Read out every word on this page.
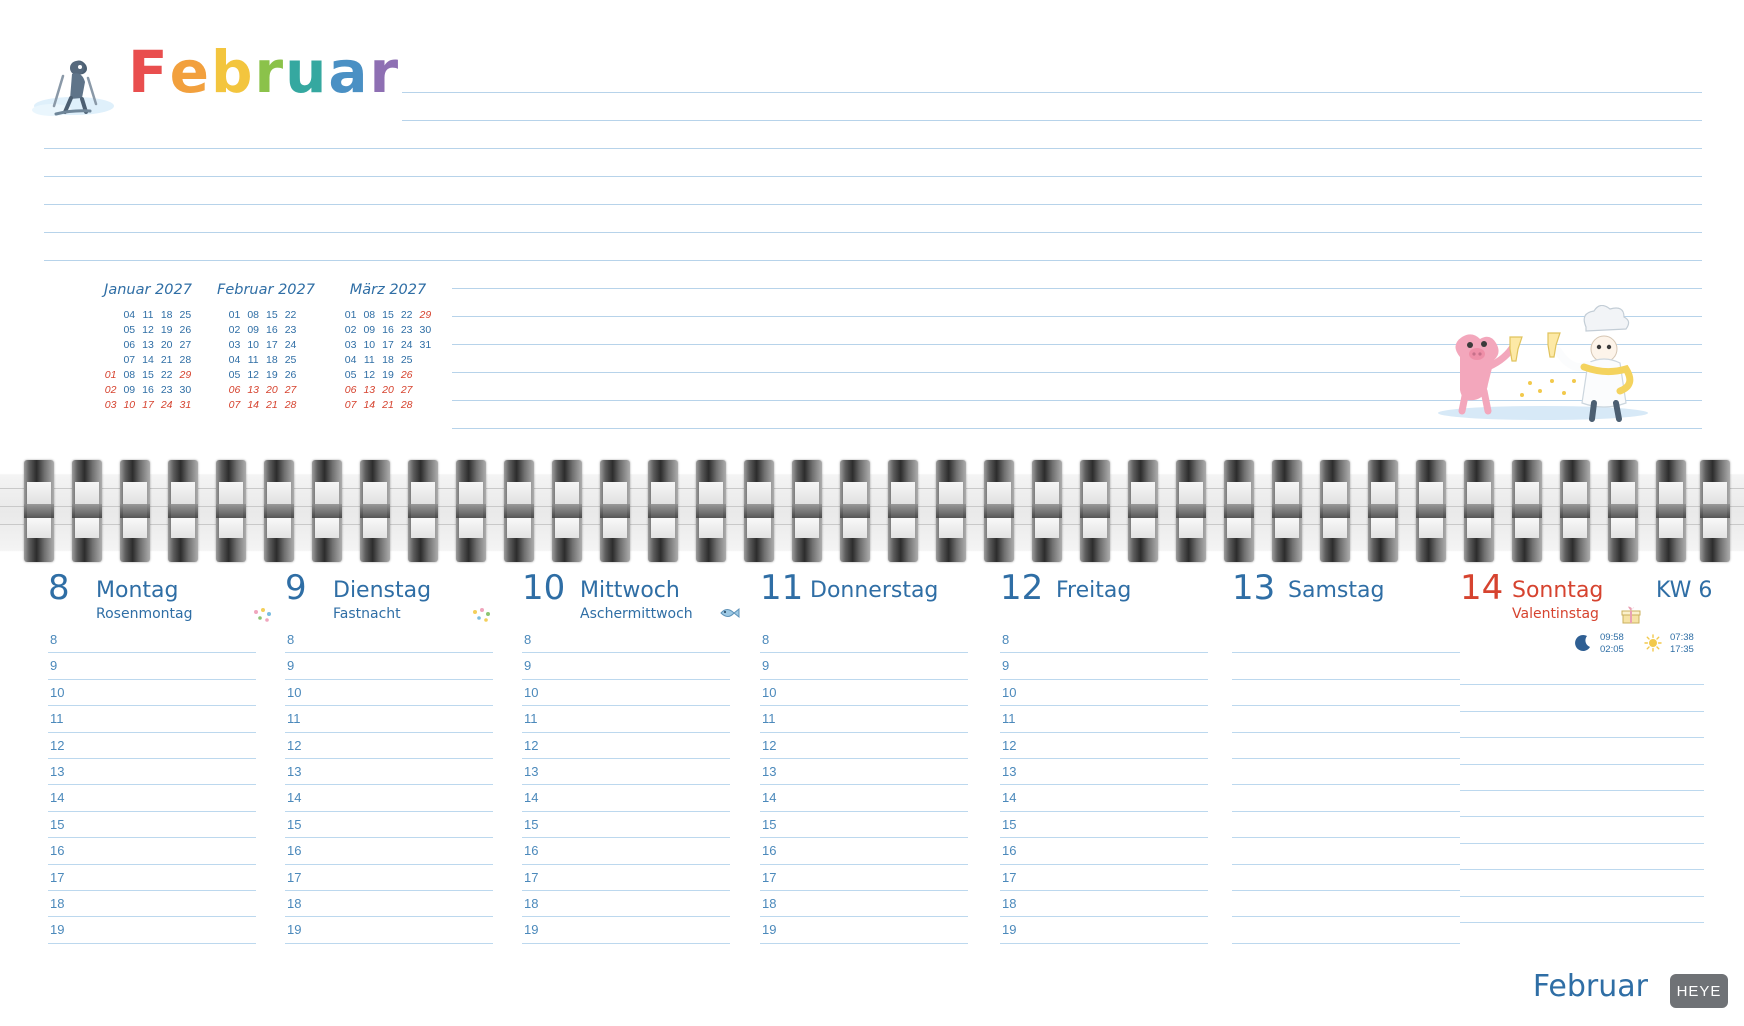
Februar
Januar 2027
	04	11	18	25
	05	12	19	26
	06	13	20	27
	07	14	21	28
01	08	15	22	29
02	09	16	23	30
03	10	17	24	31
Februar 2027
01	08	15	22	
02	09	16	23	
03	10	17	24	
04	11	18	25	
05	12	19	26	
06	13	20	27	
07	14	21	28	
März 2027
01	08	15	22	29
02	09	16	23	30
03	10	17	24	31
04	11	18	25	
05	12	19	26	
06	13	20	27	
07	14	21	28	
8 Montag
Rosenmontag
8
9
10
11
12
13
14
15
16
17
18
19
9 Dienstag
Fastnacht
8
9
10
11
12
13
14
15
16
17
18
19
10 Mittwoch
Aschermittwoch
8
9
10
11
12
13
14
15
16
17
18
19
11 Donnerstag
8
9
10
11
12
13
14
15
16
17
18
19
12 Freitag
8
9
10
11
12
13
14
15
16
17
18
19
13 Samstag 14 Sonntag
Valentinstag
KW 6
09:58
02:05
07:38
17:35
Februar	HEYE
